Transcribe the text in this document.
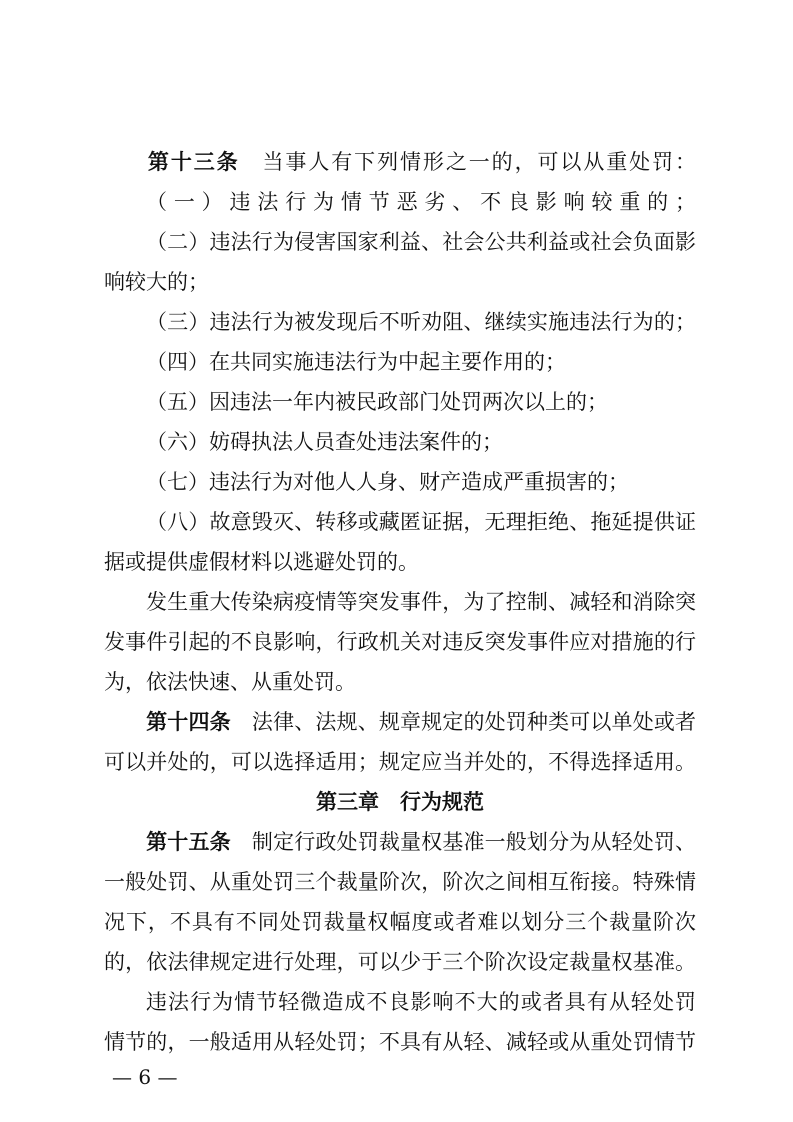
第十三条 当事人有下列情形之一的，可以从重处罚：
（一）违法行为情节恶劣、不良影响较重的；
（二）违法行为侵害国家利益、社会公共利益或社会负面影
响较大的；
（三）违法行为被发现后不听劝阻、继续实施违法行为的；
（四）在共同实施违法行为中起主要作用的；
（五）因违法一年内被民政部门处罚两次以上的；
（六）妨碍执法人员查处违法案件的；
（七）违法行为对他人人身、财产造成严重损害的；
（八）故意毁灭、转移或藏匿证据，无理拒绝、拖延提供证
据或提供虚假材料以逃避处罚的。
发生重大传染病疫情等突发事件，为了控制、减轻和消除突
发事件引起的不良影响，行政机关对违反突发事件应对措施的行
为，依法快速、从重处罚。
第十四条 法律、法规、规章规定的处罚种类可以单处或者
可以并处的，可以选择适用；规定应当并处的，不得选择适用。
第三章　行为规范
第十五条 制定行政处罚裁量权基准一般划分为从轻处罚、
一般处罚、从重处罚三个裁量阶次，阶次之间相互衔接。特殊情
况下，不具有不同处罚裁量权幅度或者难以划分三个裁量阶次
的，依法律规定进行处理，可以少于三个阶次设定裁量权基准。
违法行为情节轻微造成不良影响不大的或者具有从轻处罚
情节的，一般适用从轻处罚；不具有从轻、减轻或从重处罚情节
— 6 —
